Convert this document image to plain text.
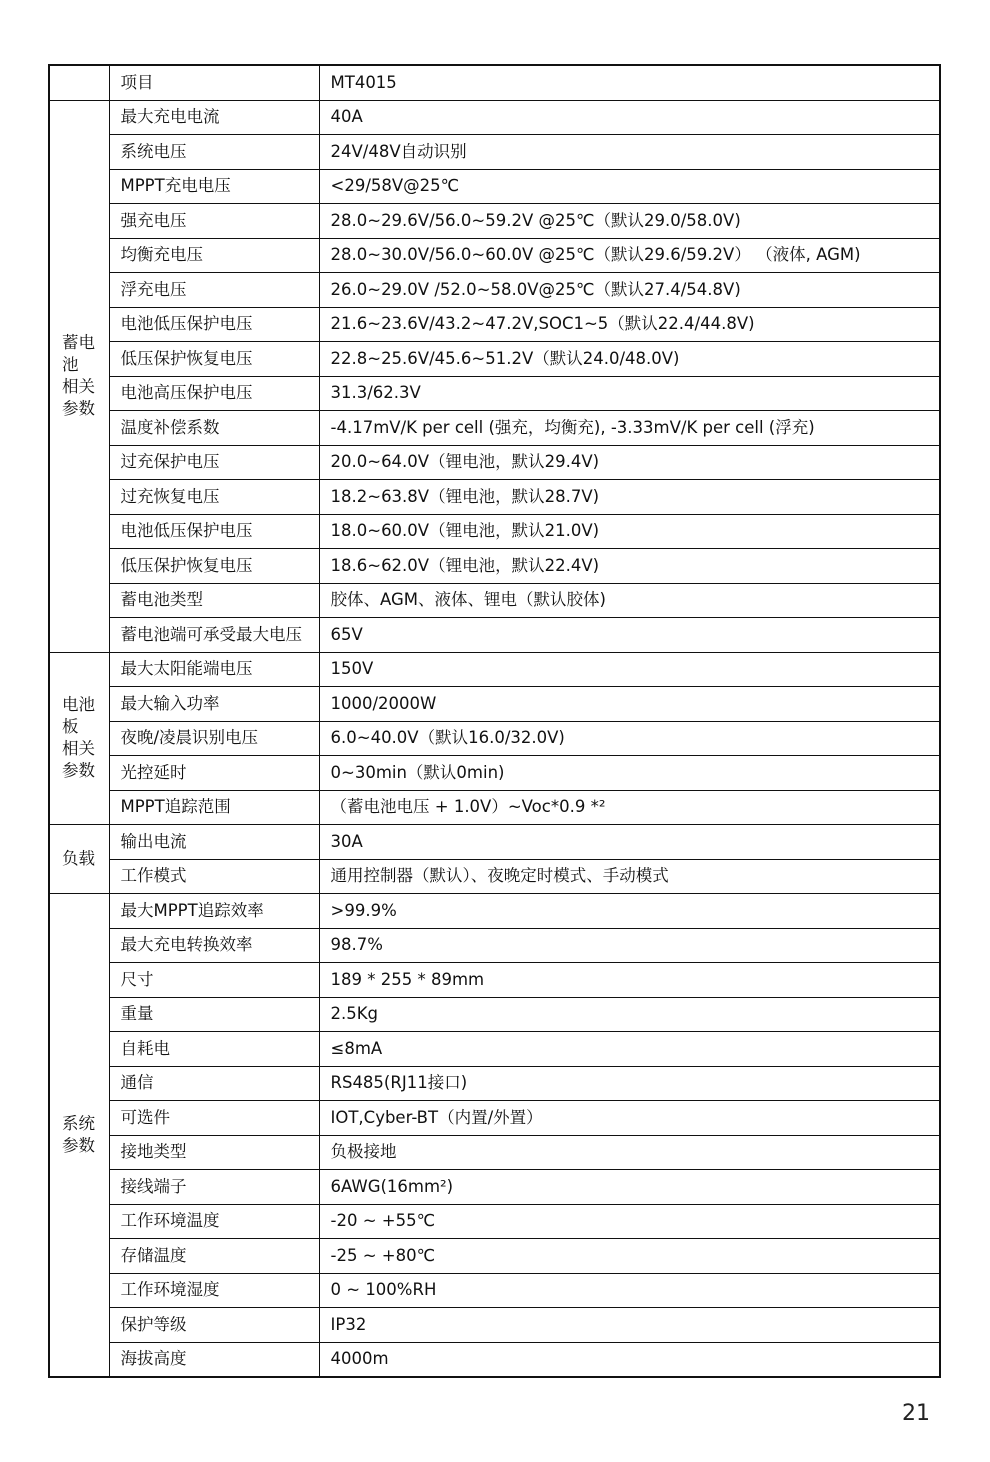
	项目	MT4015

蓄电池
相关
参数	最大充电电流	40A
	系统电压	24V/48V自动识别
	MPPT充电电压	<29/58V@25℃
	强充电压	28.0~29.6V/56.0~59.2V @25℃（默认29.0/58.0V)
	均衡充电压	28.0~30.0V/56.0~60.0V @25℃（默认29.6/59.2V） （液体, AGM)
	浮充电压	26.0~29.0V /52.0~58.0V@25℃（默认27.4/54.8V)
	电池低压保护电压	21.6~23.6V/43.2~47.2V,SOC1~5（默认22.4/44.8V)
	低压保护恢复电压	22.8~25.6V/45.6~51.2V（默认24.0/48.0V)
	电池高压保护电压	31.3/62.3V
	温度补偿系数	-4.17mV/K per cell (强充，均衡充), -3.33mV/K per cell (浮充)
	过充保护电压	20.0~64.0V（锂电池，默认29.4V)
	过充恢复电压	18.2~63.8V（锂电池，默认28.7V)
	电池低压保护电压	18.0~60.0V（锂电池，默认21.0V)
	低压保护恢复电压	18.6~62.0V（锂电池，默认22.4V)
	蓄电池类型	胶体、AGM、液体、锂电（默认胶体)
	蓄电池端可承受最大电压	65V

电池板
相关
参数	最大太阳能端电压	150V
	最大输入功率	1000/2000W
	夜晚/凌晨识别电压	6.0~40.0V（默认16.0/32.0V)
	光控延时	0~30min（默认0min)
	MPPT追踪范围	（蓄电池电压 + 1.0V）~Voc*0.9 *²

负载	输出电流	30A
	工作模式	通用控制器（默认）、夜晚定时模式、手动模式

系统
参数	最大MPPT追踪效率	>99.9%
	最大充电转换效率	98.7%
	尺寸	189 * 255 * 89mm
	重量	2.5Kg
	自耗电	≤8mA
	通信	RS485(RJ11接口)
	可选件	IOT,Cyber-BT（内置/外置）
	接地类型	负极接地
	接线端子	6AWG(16mm²)
	工作环境温度	-20 ~ +55℃
	存储温度	-25 ~ +80℃
	工作环境湿度	0 ~ 100%RH
	保护等级	IP32
	海拔高度	4000m
21
